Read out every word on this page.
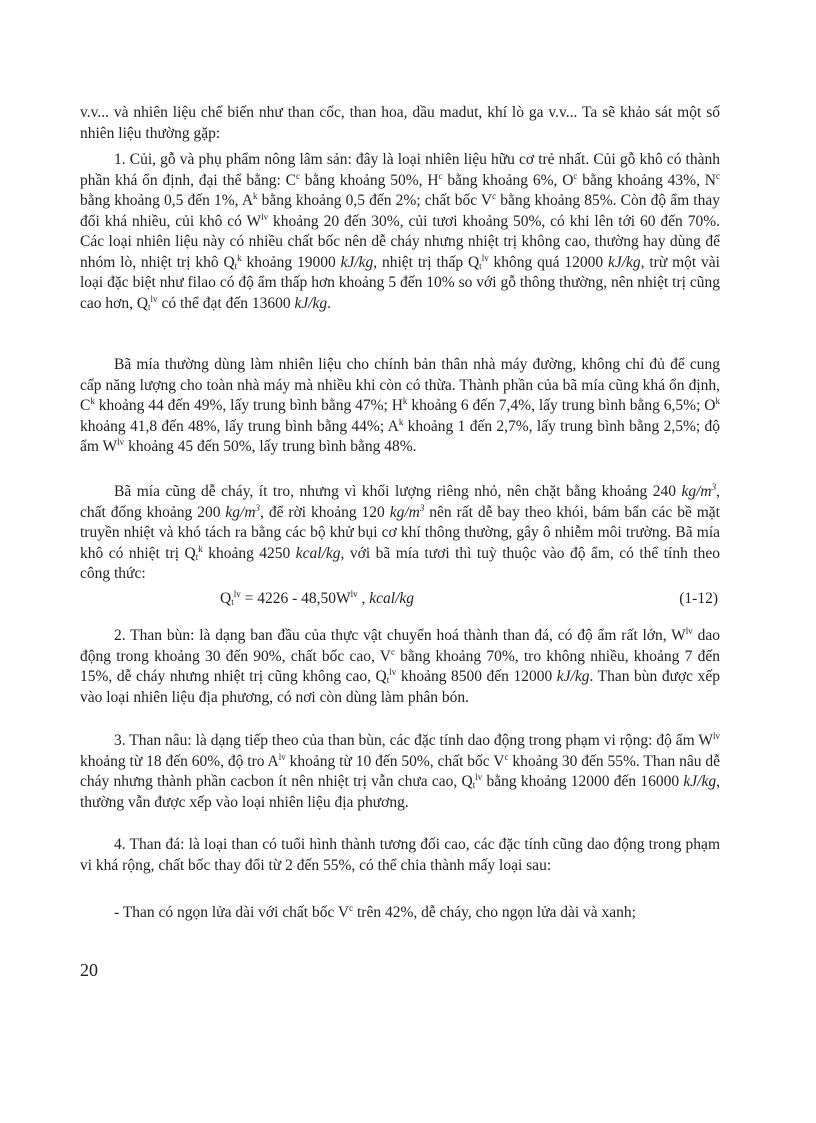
v.v... và nhiên liệu chế biến như than cốc, than hoa, dầu madut, khí lò ga v.v... Ta sẽ khảo sát một số nhiên liệu thường gặp:

1. Củi, gỗ và phụ phẩm nông lâm sản: đây là loại nhiên liệu hữu cơ trẻ nhất. Củi gỗ khô có thành phần khá ổn định, đại thể bằng: $C^c$ bằng khoảng 50%, $H^c$ bằng khoảng 6%, $O^c$ bằng khoảng 43%, $N^c$ bằng khoảng 0,5 đến 1%, $A^k$ bằng khoảng 0,5 đến 2%; chất bốc $V^c$ bằng khoảng 85%. Còn độ ẩm thay đổi khá nhiều, củi khô có $W^{lv}$ khoảng 20 đến 30%, củi tươi khoảng 50%, có khi lên tới 60 đến 70%. Các loại nhiên liệu này có nhiều chất bốc nên dễ cháy nhưng nhiệt trị không cao, thường hay dùng để nhóm lò, nhiệt trị khô $Q_t^k$ khoảng 19000 kJ/kg, nhiệt trị thấp $Q_t^{lv}$ không quá 12000 kJ/kg, trừ một vài loại đặc biệt như filao có độ ẩm thấp hơn khoảng 5 đến 10% so với gỗ thông thường, nên nhiệt trị cũng cao hơn, $Q_t^{lv}$ có thể đạt đến 13600 kJ/kg.

Bã mía thường dùng làm nhiên liệu cho chính bản thân nhà máy đường, không chỉ đủ để cung cấp năng lượng cho toàn nhà máy mà nhiều khi còn có thừa. Thành phần của bã mía cũng khá ổn định, $C^k$ khoảng 44 đến 49%, lấy trung bình bằng 47%; $H^k$ khoảng 6 đến 7,4%, lấy trung bình bằng 6,5%; $O^k$ khoảng 41,8 đến 48%, lấy trung bình bằng 44%; $A^k$ khoảng 1 đến 2,7%, lấy trung bình bằng 2,5%; độ ẩm $W^{lv}$ khoảng 45 đến 50%, lấy trung bình bằng 48%.

Bã mía cũng dễ cháy, ít tro, nhưng vì khối lượng riêng nhỏ, nên chặt bằng khoảng 240 $kg/m^3$, chất đống khoảng 200 $kg/m^3$, để rời khoảng 120 $kg/m^3$ nên rất dễ bay theo khói, bám bẩn các bề mặt truyền nhiệt và khó tách ra bằng các bộ khử bụi cơ khí thông thường, gây ô nhiễm môi trường. Bã mía khô có nhiệt trị $Q_t^k$ khoảng 4250 kcal/kg, với bã mía tươi thì tuỳ thuộc vào độ ẩm, có thể tính theo công thức:

$Q_t^{lv} = 4226 - 48,50W^{lv}$ , kcal/kg	(1-12)

2. Than bùn: là dạng ban đầu của thực vật chuyển hoá thành than đá, có độ ẩm rất lớn, $W^{lv}$ dao động trong khoảng 30 đến 90%, chất bốc cao, $V^c$ bằng khoảng 70%, tro không nhiều, khoảng 7 đến 15%, dễ cháy nhưng nhiệt trị cũng không cao, $Q_t^{lv}$ khoảng 8500 đến 12000 kJ/kg. Than bùn được xếp vào loại nhiên liệu địa phương, có nơi còn dùng làm phân bón.

3. Than nâu: là dạng tiếp theo của than bùn, các đặc tính dao động trong phạm vi rộng: độ ẩm $W^{lv}$ khoảng từ 18 đến 60%, độ tro $A^{lv}$ khoảng từ 10 đến 50%, chất bốc $V^c$ khoảng 30 đến 55%. Than nâu dễ cháy nhưng thành phần cacbon ít nên nhiệt trị vẫn chưa cao, $Q_t^{lv}$ bằng khoảng 12000 đến 16000 kJ/kg, thường vẫn được xếp vào loại nhiên liệu địa phương.

4. Than đá: là loại than có tuổi hình thành tương đối cao, các đặc tính cũng dao động trong phạm vi khá rộng, chất bốc thay đổi từ 2 đến 55%, có thể chia thành mấy loại sau:

- Than có ngọn lửa dài với chất bốc $V^c$ trên 42%, dễ cháy, cho ngọn lửa dài và xanh;

20
